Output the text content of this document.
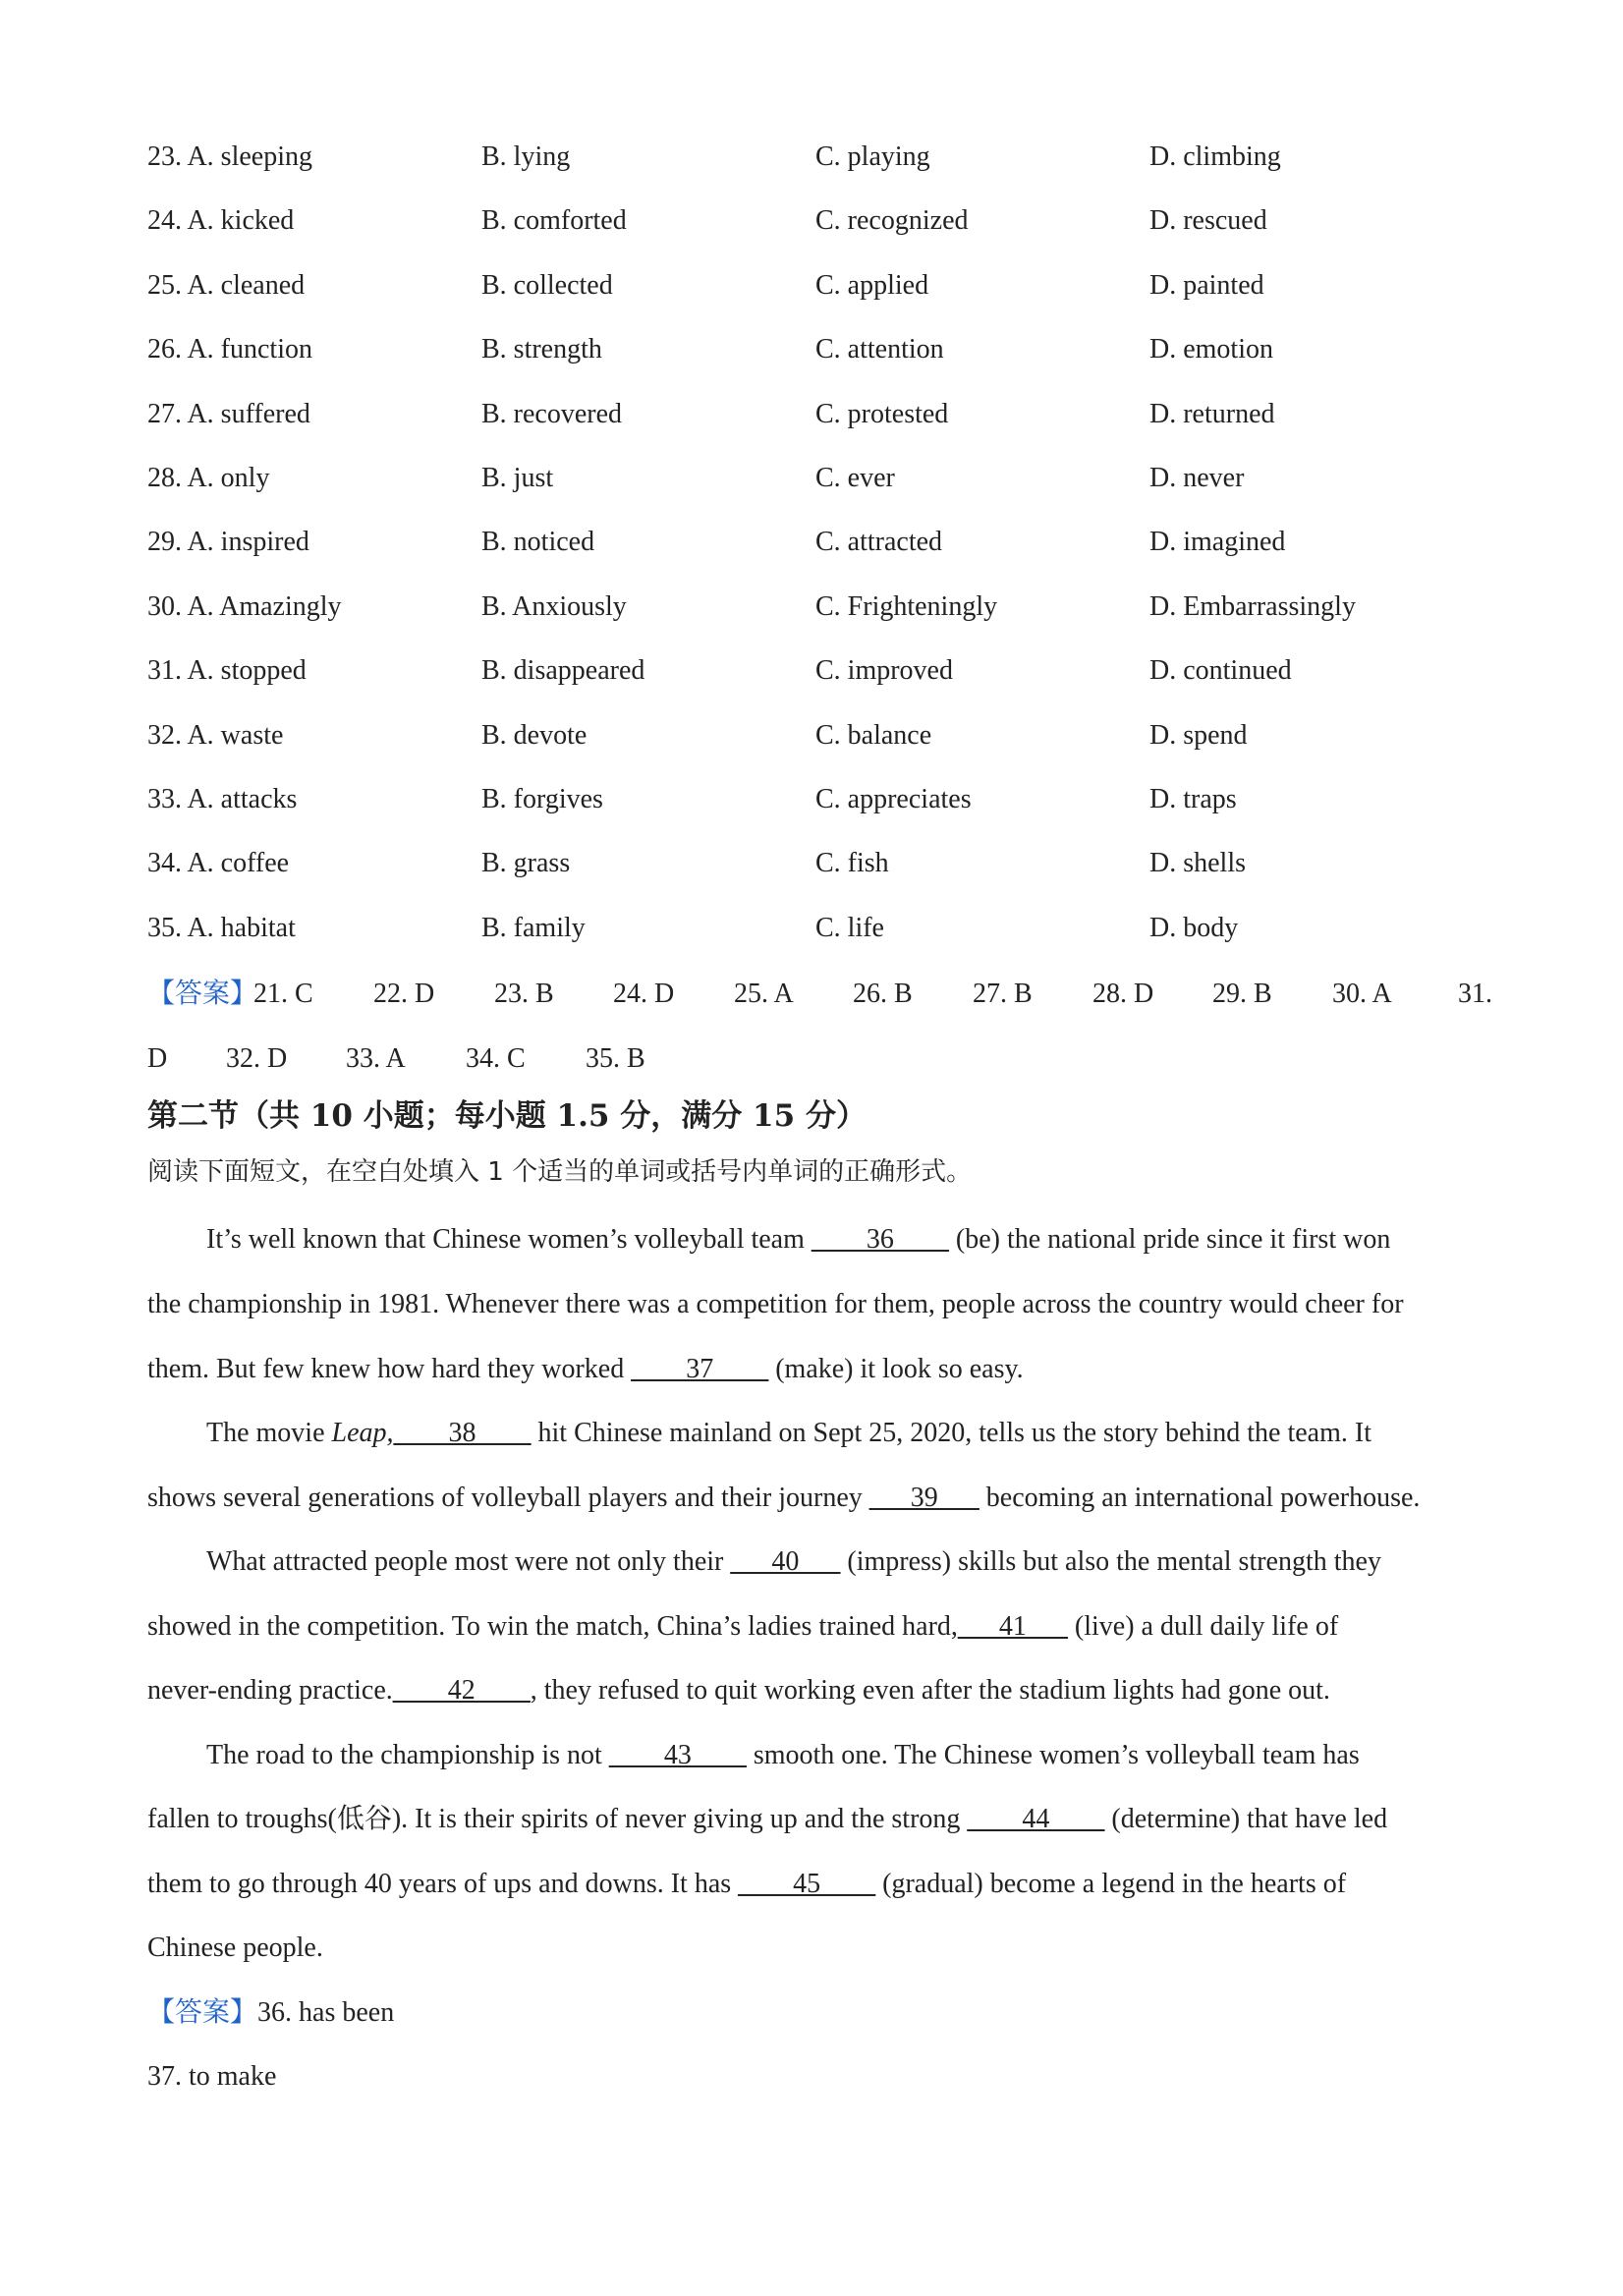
23. A. sleeping	B. lying	C. playing	D. climbing
24. A. kicked	B. comforted	C. recognized	D. rescued
25. A. cleaned	B. collected	C. applied	D. painted
26. A. function	B. strength	C. attention	D. emotion
27. A. suffered	B. recovered	C. protested	D. returned
28. A. only	B. just	C. ever	D. never
29. A. inspired	B. noticed	C. attracted	D. imagined
30. A. Amazingly	B. Anxiously	C. Frighteningly	D. Embarrassingly
31. A. stopped	B. disappeared	C. improved	D. continued
32. A. waste	B. devote	C. balance	D. spend
33. A. attacks	B. forgives	C. appreciates	D. traps
34. A. coffee	B. grass	C. fish	D. shells
35. A. habitat	B. family	C. life	D. body
【答案】
21. C 22. D 23. B 24. D 25. A 26. B 27. B 28. D 29. B 30. A 31.
D 32. D 33. A 34. C 35. B
第二节（共 10 小题；每小题 1.5 分，满分 15 分）
阅读下面短文，在空白处填入 1 个适当的单词或括号内单词的正确形式。
It’s well known that Chinese women’s volleyball team ____36____ (be) the national pride since it first won
the championship in 1981. Whenever there was a competition for them, people across the country would cheer for
them. But few knew how hard they worked ____37____ (make) it look so easy.
The movie Leap,____38____ hit Chinese mainland on Sept 25, 2020, tells us the story behind the team. It
shows several generations of volleyball players and their journey ___39___ becoming an international powerhouse.
What attracted people most were not only their ___40___ (impress) skills but also the mental strength they
showed in the competition. To win the match, China’s ladies trained hard,___41___ (live) a dull daily life of
never-ending practice.____42____, they refused to quit working even after the stadium lights had gone out.
The road to the championship is not ____43____ smooth one. The Chinese women’s volleyball team has
fallen to troughs(低谷). It is their spirits of never giving up and the strong ____44____ (determine) that have led
them to go through 40 years of ups and downs. It has ____45____ (gradual) become a legend in the hearts of
Chinese people.
【答案】36. has been
37. to make
